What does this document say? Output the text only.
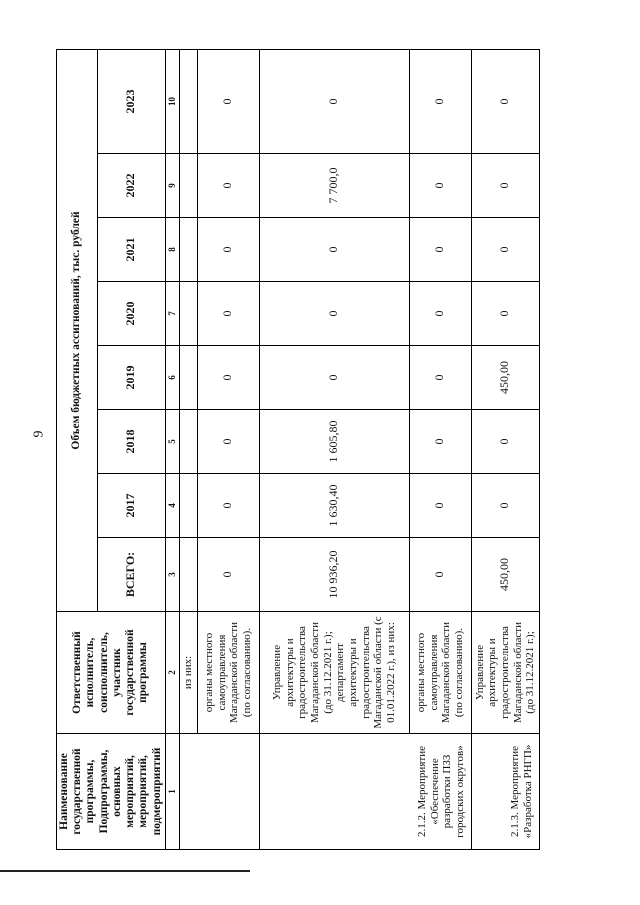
9
Наименование государственной программы, Подпрограммы, основных мероприятий, мероприятий, подмероприятий	Ответственный исполнитель, соисполнитель, участник государственной программы	Объем бюджетных ассигнований, тыс. рублей							
		ВСЕГО:	2017	2018	2019	2020	2021	2022	2023
1	2	3	4	5	6	7	8	9	10
	из них:								
	органы местного самоуправления Магаданской области (по согласованию).	0	0	0	0	0	0	0	0
2.1.2. Мероприятие «Обеспечение разработки ПЗЗ городских округов»	Управление архитектуры и градостроительства Магаданской области (до 31.12.2021 г.); департамент архитектуры и градостроительства Магаданской области (с 01.01.2022 г.), из них:	10 936,20	1 630,40	1 605,80	0	0	0	7 700,0	0
	органы местного самоуправления Магаданской области (по согласованию).	0	0	0	0	0	0	0	0
2.1.3. Мероприятие «Разработка РНГП»	Управление архитектуры и градостроительства Магаданской области (до 31.12.2021 г.);	450,00	0	0	450,00	0	0	0	0
